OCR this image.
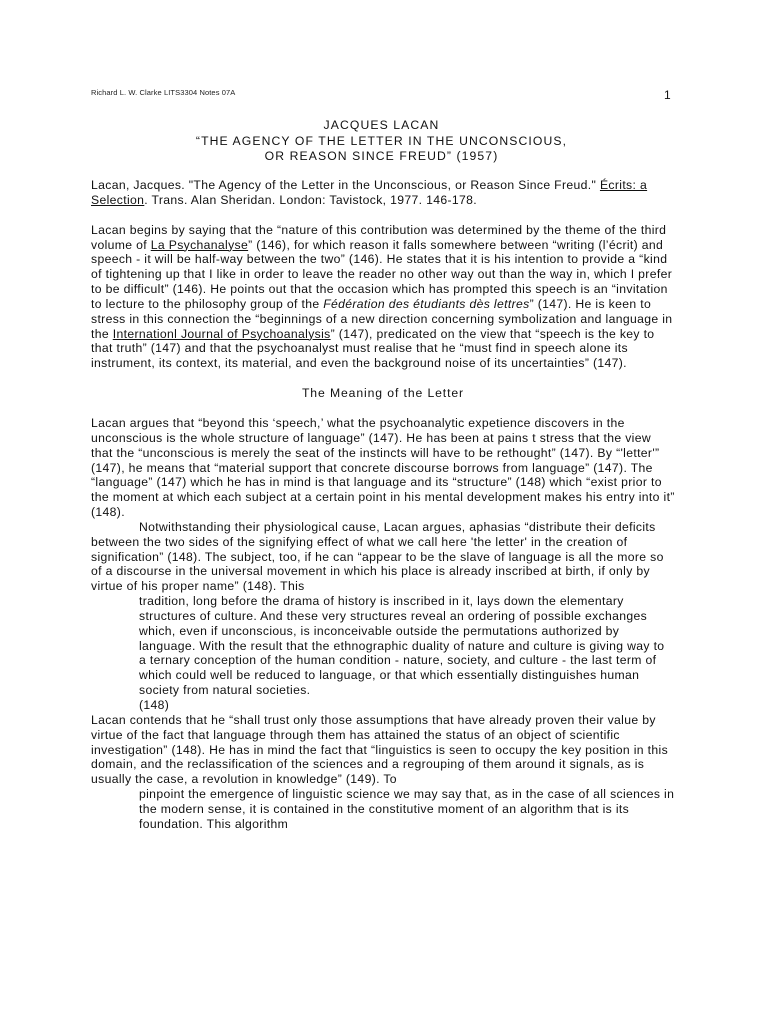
Richard L. W. Clarke LITS3304 Notes 07A	1
JACQUES LACAN
“THE AGENCY OF THE LETTER IN THE UNCONSCIOUS,
OR REASON SINCE FREUD” (1957)

Lacan, Jacques. "The Agency of the Letter in the Unconscious, or Reason Since Freud." Écrits: a Selection. Trans. Alan Sheridan. London: Tavistock, 1977. 146-178.

Lacan begins by saying that the “nature of this contribution was determined by the theme of the third volume of La Psychanalyse” (146), for which reason it falls somewhere between “writing (l’écrit) and speech - it will be half-way between the two” (146). He states that it is his intention to provide a “kind of tightening up that I like in order to leave the reader no other way out than the way in, which I prefer to be difficult” (146). He points out that the occasion which has prompted this speech is an “invitation to lecture to the philosophy group of the Fédération des étudiants dès lettres” (147). He is keen to stress in this connection the “beginnings of a new direction concerning symbolization and language in the Internationl Journal of Psychoanalysis” (147), predicated on the view that “speech is the key to that truth” (147) and that the psychoanalyst must realise that he “must find in speech alone its instrument, its context, its material, and even the background noise of its uncertainties” (147).

The Meaning of the Letter

Lacan argues that “beyond this ‘speech,’ what the psychoanalytic expetience discovers in the unconscious is the whole structure of language” (147). He has been at pains t stress that the view that the “unconscious is merely the seat of the instincts will have to be rethought” (147). By “'letter'” (147), he means that “material support that concrete discourse borrows from language” (147). The “language” (147) which he has in mind is that language and its “structure” (148) which “exist prior to the moment at which each subject at a certain point in his mental development makes his entry into it” (148).

Notwithstanding their physiological cause, Lacan argues, aphasias “distribute their deficits between the two sides of the signifying effect of what we call here 'the letter' in the creation of signification” (148). The subject, too, if he can “appear to be the slave of language is all the more so of a discourse in the universal movement in which his place is already inscribed at birth, if only by virtue of his proper name” (148). This

tradition, long before the drama of history is inscribed in it, lays down the elementary structures of culture. And these very structures reveal an ordering of possible exchanges which, even if unconscious, is inconceivable outside the permutations authorized by language. With the result that the ethnographic duality of nature and culture is giving way to a ternary conception of the human condition - nature, society, and culture - the last term of which could well be reduced to language, or that which essentially distinguishes human society from natural societies.
(148)

Lacan contends that he “shall trust only those assumptions that have already proven their value by virtue of the fact that language through them has attained the status of an object of scientific investigation” (148). He has in mind the fact that “linguistics is seen to occupy the key position in this domain, and the reclassification of the sciences and a regrouping of them around it signals, as is usually the case, a revolution in knowledge” (149). To

pinpoint the emergence of linguistic science we may say that, as in the case of all sciences in the modern sense, it is contained in the constitutive moment of an algorithm that is its foundation. This algorithm
